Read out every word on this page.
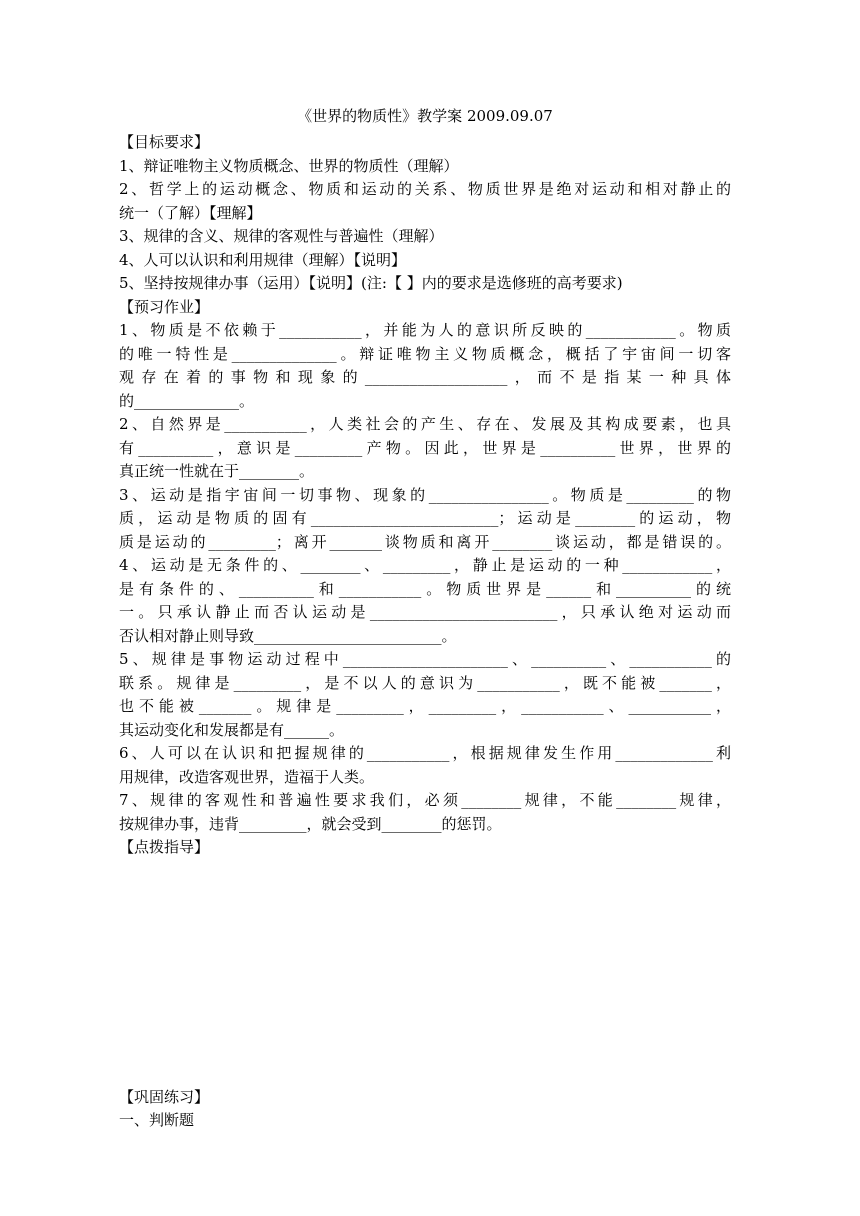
《世界的物质性》教学案 2009.09.07
【目标要求】
1、辩证唯物主义物质概念、世界的物质性（理解）
2、哲学上的运动概念、物质和运动的关系、物质世界是绝对运动和相对静止的
统一（了解）【理解】
3、规律的含义、规律的客观性与普遍性（理解）
4、人可以认识和利用规律（理解）【说明】
5、坚持按规律办事（运用）【说明】(注:【 】内的要求是选修班的高考要求)
【预习作业】
1、物质是不依赖于___________，并能为人的意识所反映的____________。物质
的唯一特性是______________。辩证唯物主义物质概念，概括了宇宙间一切客
观存在着的事物和现象的___________________，而不是指某一种具体
的______________。
2、自然界是___________，人类社会的产生、存在、发展及其构成要素，也具
有__________，意识是_________产物。因此，世界是__________世界，世界的
真正统一性就在于________。
3、运动是指宇宙间一切事物、现象的________________。物质是_________的物
质，运动是物质的固有_________________________；运动是________的运动，物
质是运动的_________；离开_______谈物质和离开________谈运动，都是错误的。
4、运动是无条件的、________、_________，静止是运动的一种____________，
是有条件的、__________和___________。物质世界是______和__________的统
一。只承认静止而否认运动是_________________________，只承认绝对运动而
否认相对静止则导致_________________________。
5、规律是事物运动过程中______________________、__________、___________的
联系。规律是_________，是不以人的意识为___________，既不能被_______，
也不能被_______。规律是_________，_________，___________、___________，
其运动变化和发展都是有______。
6、人可以在认识和把握规律的___________，根据规律发生作用_____________利
用规律，改造客观世界，造福于人类。
7、规律的客观性和普遍性要求我们，必须________规律，不能________规律，
按规律办事，违背_________，就会受到________的惩罚。
【点拨指导】
【巩固练习】
一、判断题
